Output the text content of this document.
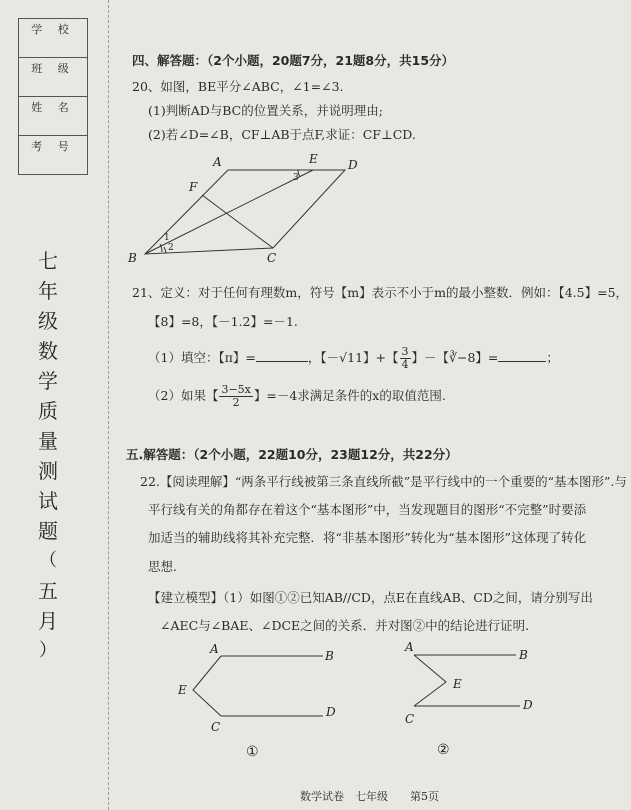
学 校
班 级
姓 名
考 号
七
年
级
数
学
质
量
测
试
题
（
五
月
）
四、解答题：（2个小题，20题7分，21题8分，共15分）
20、如图，BE平分∠ABC，∠1=∠3.
(1)判断AD与BC的位置关系，并说明理由;
(2)若∠D=∠B，CF⊥AB于点F,求证：CF⊥CD.
A	E	D
F
B	C
1
2
3
21、定义：对于任何有理数m，符号【m】表示不小于m的最小整数．例如：【4.5】=5，
【8】=8，【－1.2】=－1.
（1）填空：【π】=	，【－√11】+【 $\frac{3}{4}$ 】－【∛−8】=	；
（2）如果【 $\frac{3-5x}{2}$ 】=－4求满足条件的x的取值范围.
五.解答题：（2个小题，22题10分，23题12分，共22分）
22.【阅读理解】“两条平行线被第三条直线所截”是平行线中的一个重要的“基本图形”.与
平行线有关的角都存在着这个“基本图形”中，当发现题目的图形“不完整”时要添
加适当的辅助线将其补充完整．将“非基本图形”转化为“基本图形”这体现了转化
思想.
【建立模型】（1）如图①②已知AB//CD，点E在直线AB、CD之间，请分别写出
∠AEC与∠BAE、∠DCE之间的关系．并对图②中的结论进行证明.
A	B
E
C
D
A
B
E
C
D
①	②
数学试卷　七年级　　第5页
